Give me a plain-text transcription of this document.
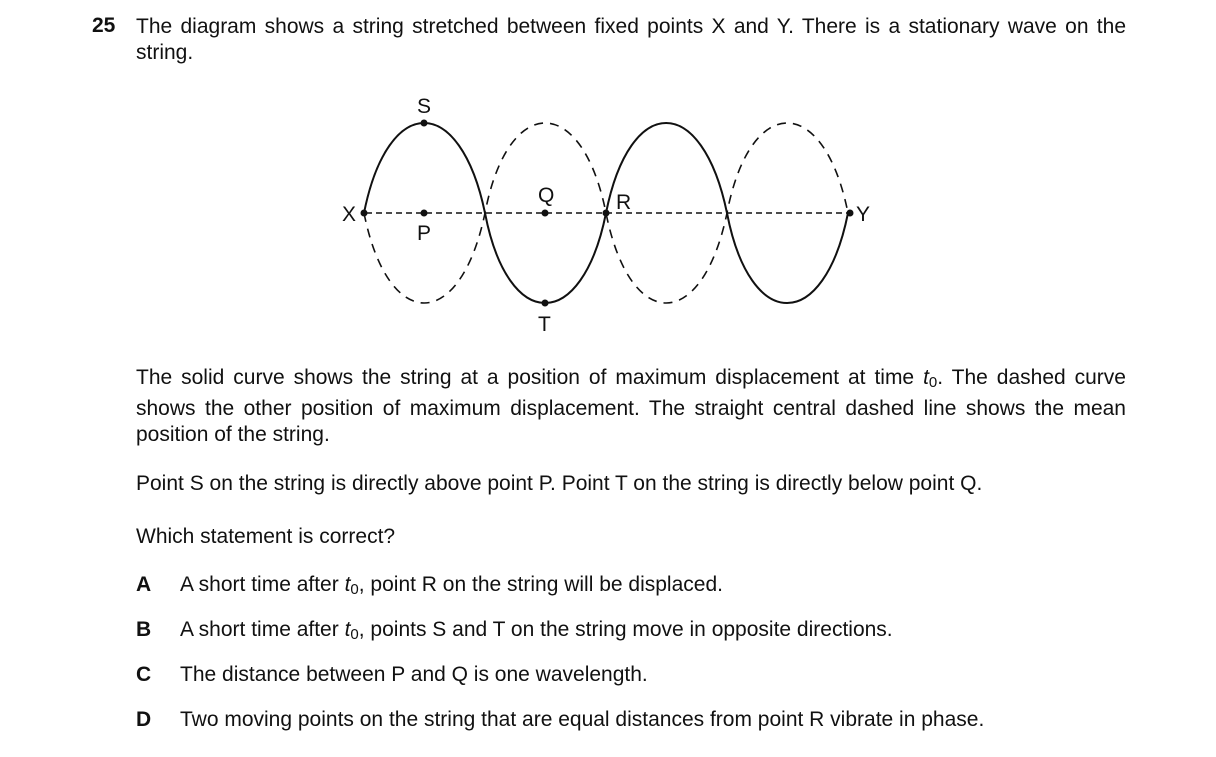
25 The diagram shows a string stretched between fixed points X and Y. There is a stationary wave on the string.
X
S
P
Q	R
T
Y
The solid curve shows the string at a position of maximum displacement at time $t_0$. The dashed curve shows the other position of maximum displacement. The straight central dashed line shows the mean position of the string.
Point S on the string is directly above point P. Point T on the string is directly below point Q.
Which statement is correct?
A A short time after $t_0$, point R on the string will be displaced.
B A short time after $t_0$, points S and T on the string move in opposite directions.
C The distance between P and Q is one wavelength.
D Two moving points on the string that are equal distances from point R vibrate in phase.
